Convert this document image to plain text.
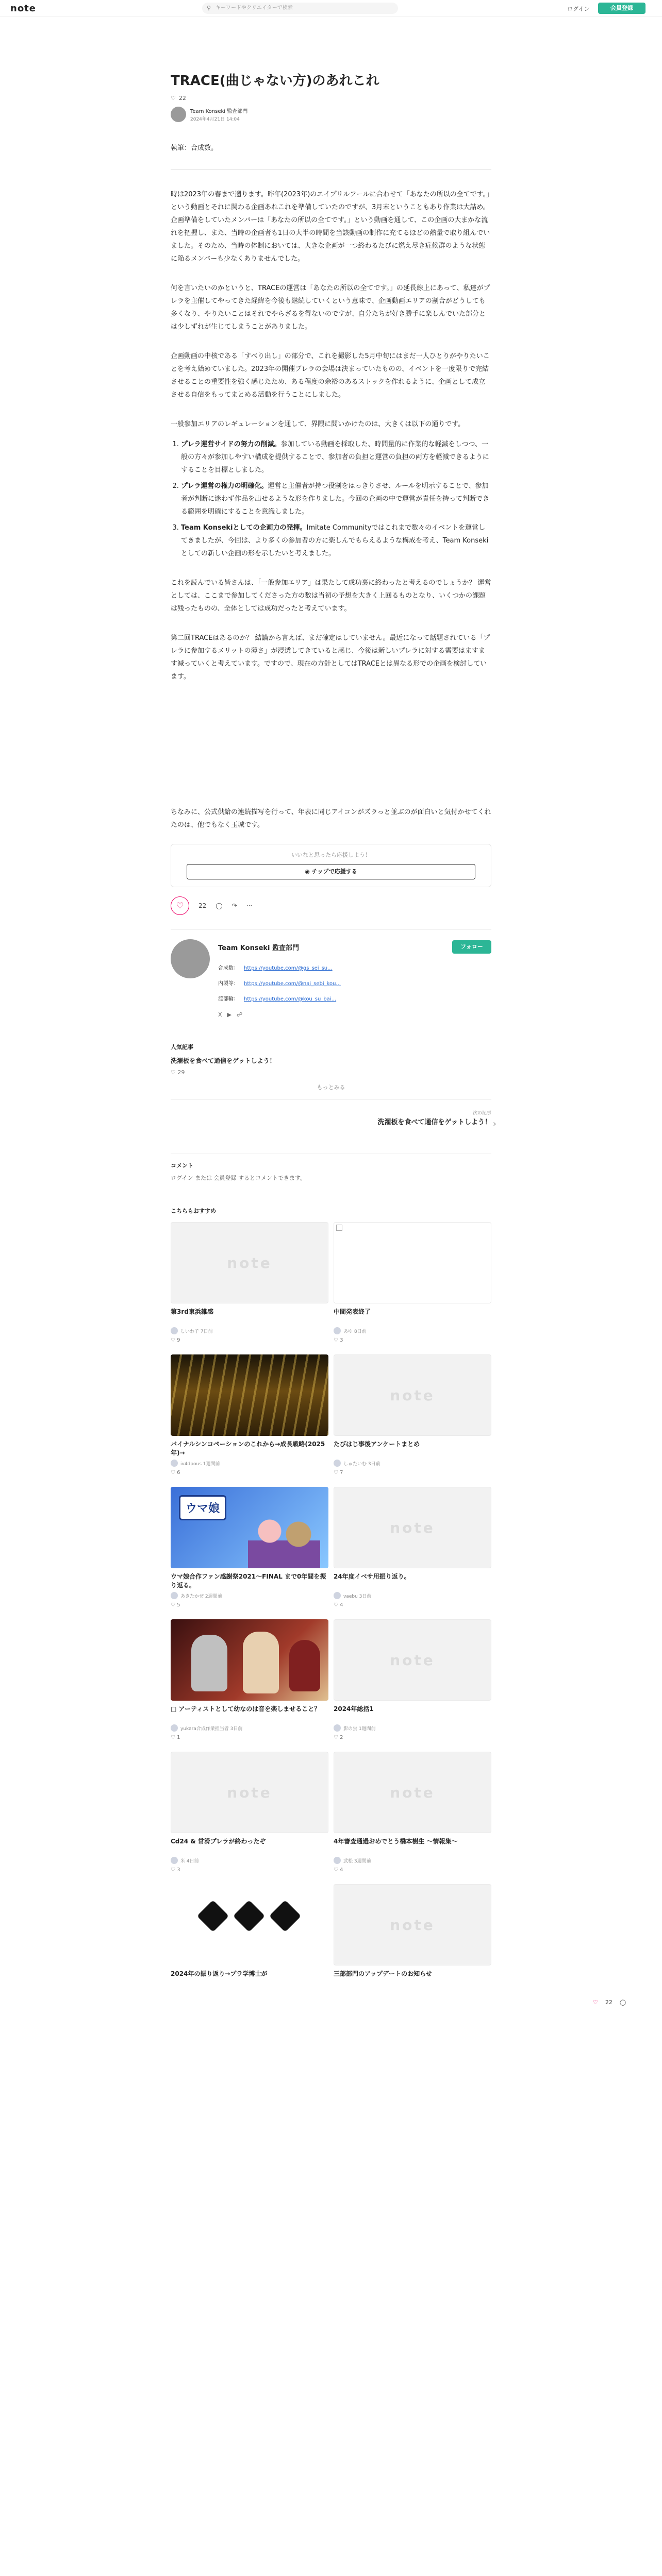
note	⚲ キーワードやクリエイターで検索	ログイン	会員登録
TRACE(曲じゃない方)のあれこれ
♡ 22
Team Konseki 監査部門
2024年4月21日 14:04
執筆：合成数。
時は2023年の春まで遡ります。昨年(2023年)のエイプリルフールに合わせて「あなたの所以の全てです。」という動画とそれに関わる企画あれこれを準備していたのですが、3月末ということもあり作業は大詰め。企画準備をしていたメンバーは「あなたの所以の全てです。」という動画を通して、この企画の大まかな流れを把握し、また、当時の企画者も1日の大半の時間を当該動画の制作に充てるほどの熱量で取り組んでいました。そのため、当時の体制においては、大きな企画が一つ終わるたびに燃え尽き症候群のような状態に陥るメンバーも少なくありませんでした。
何を言いたいのかというと、TRACEの運営は「あなたの所以の全てです。」の延長線上にあって、私達がプレラを主催してやってきた経緯を今後も継続していくという意味で、企画動画エリアの割合がどうしても多くなり、やりたいことはそれでやらざるを得ないのですが、自分たちが好き勝手に楽しんでいた部分とは少しずれが生じてしまうことがありました。
企画動画の中核である「すべり出し」の部分で、これを撮影した5月中旬にはまだ一人ひとりがやりたいことを考え始めていました。2023年の開催ブレラの会場は決まっていたものの、イベントを一度限りで完結させることの重要性を強く感じたため、ある程度の余裕のあるストックを作れるように、企画として成立させる自信をもってまとめる活動を行うことにしました。
一般参加エリアのレギュレーションを通して、界隈に問いかけたのは、大きくは以下の通りです。
1. プレラ運営サイドの努力の削減。参加している動画を採取した、時間量的に作業的な軽減をしつつ、一般の方々が参加しやすい構成を提供することで、参加者の負担と運営の負担の両方を軽減できるようにすることを目標としました。
2. プレラ運営の権力の明確化。運営と主催者が持つ役割をはっきりさせ、ルールを明示することで、参加者が判断に迷わず作品を出せるような形を作りました。今回の企画の中で運営が責任を持って判断できる範囲を明確にすることを意識しました。
3. Team Konsekiとしての企画力の発揮。Imitate Communityではこれまで数々のイベントを運営してきましたが、今回は、より多くの参加者の方に楽しんでもらえるような構成を考え、Team Konsekiとしての新しい企画の形を示したいと考えました。
これを読んでいる皆さんは、「一般参加エリア」は果たして成功裏に終わったと考えるのでしょうか？ 運営としては、ここまで参加してくださった方の数は当初の予想を大きく上回るものとなり、いくつかの課題は残ったものの、全体としては成功だったと考えています。
第二回TRACEはあるのか？ 結論から言えば、まだ確定はしていません。最近になって話題されている「プレラに参加するメリットの薄さ」が浸透してきていると感じ、今後は新しいプレラに対する需要はますます減っていくと考えています。ですので、現在の方針としてはTRACEとは異なる形での企画を検討しています。
ちなみに、公式供給の連続描写を行って、年表に同じアイコンがズラっと並ぶのが面白いと気付かせてくれたのは、他でもなく玉城です。
いいなと思ったら応援しよう！
◉ チップで応援する
♡	22 ◯ ↷ ···
Team Konseki 監査部門	フォロー
合成数： https://youtube.com/@gs_sei_su...
内製等： https://youtube.com/@nai_sebi_kou...
渡部輪： https://youtube.com/@kou_su_bai...
X▶☍
人気記事
洗濯板を食べて通信をゲットしよう！
♡ 29
もっとみる
次の記事
洗濯板を食べて通信をゲットしよう！ ›
コメント
ログイン または 会員登録 するとコメントできます。
こちらもおすすめ
note
第3rd東浜雑感
しいわ子 7日前
♡ 9
中間発表終了
あゆ 8日前
♡ 3
バイナルシンコペーションのこれから→成長戦略(2025年)→
iv4dpous 1週間前
♡ 6
note
たびはじ事後アンケートまとめ
しゅたいむ 3日前
♡ 7
ウマ娘
ウマ娘合作ファン感謝祭2021〜FINAL まで0年間を振り返る。
あきたかぜ 2週間前
♡ 5
note
24年度イベサ用振り返り。
vaebu 3日前
♡ 4
□ アーティストとして幼なのは音を楽しませること？
yukara合成作業担当者 3日前
♡ 1
note
2024年総括1
影の蛍 1週間前
♡ 2
note
Cd24 & 常滑プレラが終わったぞ
米 4日前
♡ 3
note
4年審査通過おめでとう橋本樹生 〜情報集〜
武松 3週間前
♡ 4
2024年の振り返り→プラ学博士が
note
三部部門のアップデートのお知らせ
♡ 22 ◯
